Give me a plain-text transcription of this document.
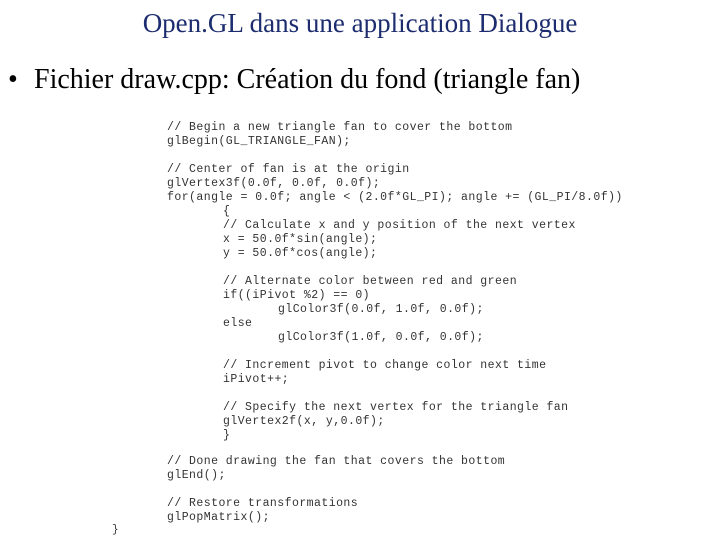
Open.GL dans une application Dialogue
• Fichier draw.cpp: Création du fond (triangle fan)
// Begin a new triangle fan to cover the bottom
glBegin(GL_TRIANGLE_FAN);
// Center of fan is at the origin
glVertex3f(0.0f, 0.0f, 0.0f);
for(angle = 0.0f; angle < (2.0f*GL_PI); angle += (GL_PI/8.0f))
{
// Calculate x and y position of the next vertex
x = 50.0f*sin(angle);
y = 50.0f*cos(angle);
// Alternate color between red and green
if((iPivot %2) == 0)
glColor3f(0.0f, 1.0f, 0.0f);
else
glColor3f(1.0f, 0.0f, 0.0f);
// Increment pivot to change color next time
iPivot++;
// Specify the next vertex for the triangle fan
glVertex2f(x, y,0.0f);
}
// Done drawing the fan that covers the bottom
glEnd();
// Restore transformations
glPopMatrix();
}
